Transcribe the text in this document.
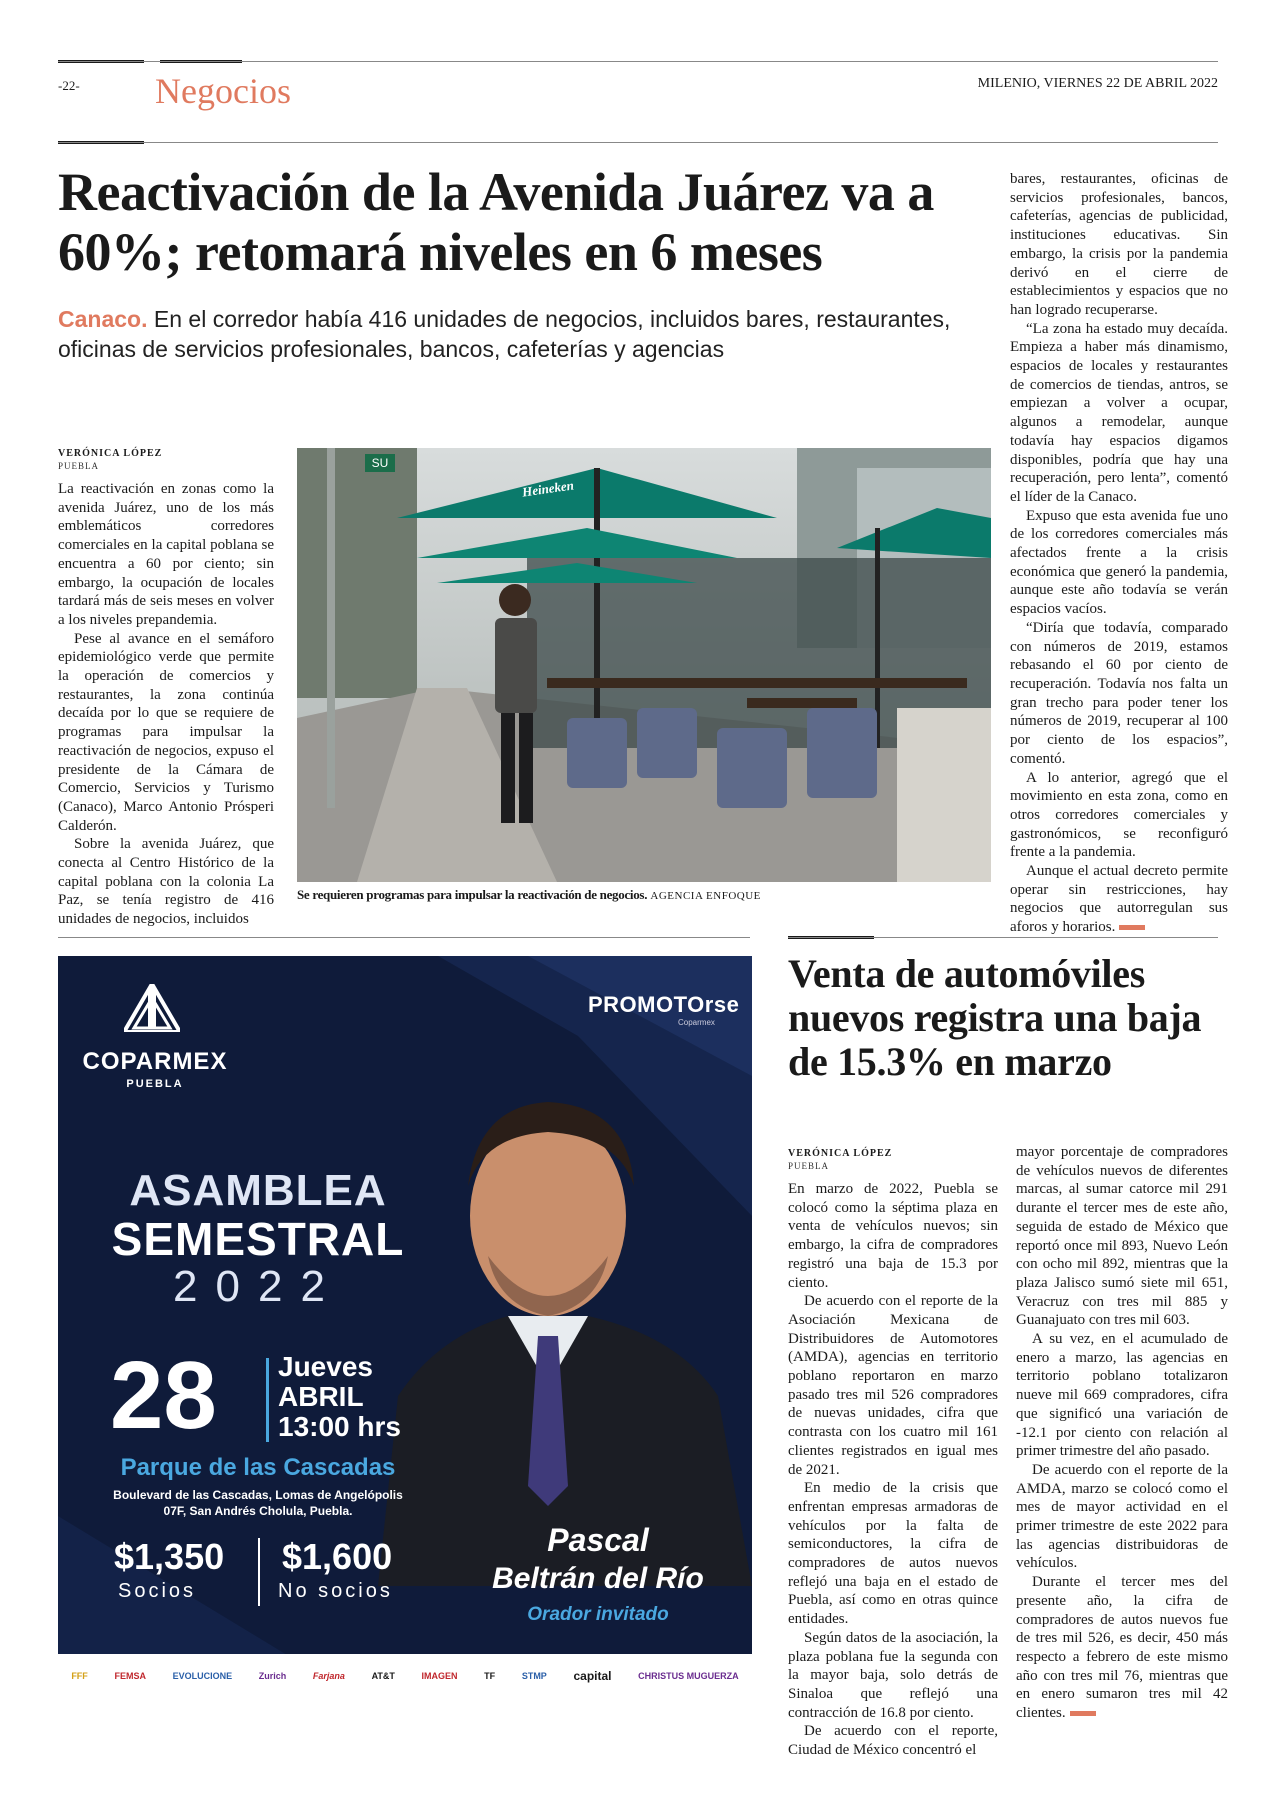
-22- Negocios	MILENIO, VIERNES 22 DE ABRIL 2022
Reactivación de la Avenida Juárez va a 60%; retomará niveles en 6 meses
Canaco. En el corredor había 416 unidades de negocios, incluidos bares, restaurantes, oficinas de servicios profesionales, bancos, cafeterías y agencias
VERÓNICA LÓPEZ
PUEBLA

La reactivación en zonas como la avenida Juárez, uno de los más emblemáticos corredores comerciales en la capital poblana se encuentra a 60 por ciento; sin embargo, la ocupación de locales tardará más de seis meses en volver a los niveles prepandemia.

Pese al avance en el semáforo epidemiológico verde que permite la operación de comercios y restaurantes, la zona continúa decaída por lo que se requiere de programas para impulsar la reactivación de negocios, expuso el presidente de la Cámara de Comercio, Servicios y Turismo (Canaco), Marco Antonio Prósperi Calderón.

Sobre la avenida Juárez, que conecta al Centro Histórico de la capital poblana con la colonia La Paz, se tenía registro de 416 unidades de negocios, incluidos

SU
Heineken
Se requieren programas para impulsar la reactivación de negocios. AGENCIA ENFOQUE

bares, restaurantes, oficinas de servicios profesionales, bancos, cafeterías, agencias de publicidad, instituciones educativas. Sin embargo, la crisis por la pandemia derivó en el cierre de establecimientos y espacios que no han logrado recuperarse.

“La zona ha estado muy decaída. Empieza a haber más dinamismo, espacios de locales y restaurantes de comercios de tiendas, antros, se empiezan a volver a ocupar, algunos a remodelar, aunque todavía hay espacios digamos disponibles, podría que hay una recuperación, pero lenta”, comentó el líder de la Canaco.

Expuso que esta avenida fue uno de los corredores comerciales más afectados frente a la crisis económica que generó la pandemia, aunque este año todavía se verán espacios vacíos.

“Diría que todavía, comparado con números de 2019, estamos rebasando el 60 por ciento de recuperación. Todavía nos falta un gran trecho para poder tener los números de 2019, recuperar al 100 por ciento de los espacios”, comentó.

A lo anterior, agregó que el movimiento en esta zona, como en otros corredores comerciales y gastronómicos, se reconfiguró frente a la pandemia.

Aunque el actual decreto permite operar sin restricciones, hay negocios que autorregulan sus aforos y horarios.

COPARMEX
PUEBLA
PROMOTOrse
Coparmex
ASAMBLEA
SEMESTRAL
2022
28 Jueves
ABRIL
13:00 hrs
Parque de las Cascadas
Boulevard de las Cascadas, Lomas de Angelópolis
07F, San Andrés Cholula, Puebla.
$1,350
Socios
$1,600
No socios
Pascal
Beltrán del Río
Orador invitado
FFF	FEMSA	EVOLUCIONE	Zurich	Farjana	AT&T	IMAGEN	TF	STMP capital	CHRISTUS MUGUERZA
Venta de automóviles nuevos registra una baja de 15.3% en marzo
VERÓNICA LÓPEZ
PUEBLA

En marzo de 2022, Puebla se colocó como la séptima plaza en venta de vehículos nuevos; sin embargo, la cifra de compradores registró una baja de 15.3 por ciento.

De acuerdo con el reporte de la Asociación Mexicana de Distribuidores de Automotores (AMDA), agencias en territorio poblano reportaron en marzo pasado tres mil 526 compradores de nuevas unidades, cifra que contrasta con los cuatro mil 161 clientes registrados en igual mes de 2021.

En medio de la crisis que enfrentan empresas armadoras de vehículos por la falta de semiconductores, la cifra de compradores de autos nuevos reflejó una baja en el estado de Puebla, así como en otras quince entidades.

Según datos de la asociación, la plaza poblana fue la segunda con la mayor baja, solo detrás de Sinaloa que reflejó una contracción de 16.8 por ciento.

De acuerdo con el reporte, Ciudad de México concentró el

mayor porcentaje de compradores de vehículos nuevos de diferentes marcas, al sumar catorce mil 291 durante el tercer mes de este año, seguida de estado de México que reportó once mil 893, Nuevo León con ocho mil 892, mientras que la plaza Jalisco sumó siete mil 651, Veracruz con tres mil 885 y Guanajuato con tres mil 603.

A su vez, en el acumulado de enero a marzo, las agencias en territorio poblano totalizaron nueve mil 669 compradores, cifra que significó una variación de -12.1 por ciento con relación al primer trimestre del año pasado.

De acuerdo con el reporte de la AMDA, marzo se colocó como el mes de mayor actividad en el primer trimestre de este 2022 para las agencias distribuidoras de vehículos.

Durante el tercer mes del presente año, la cifra de compradores de autos nuevos fue de tres mil 526, es decir, 450 más respecto a febrero de este mismo año con tres mil 76, mientras que en enero sumaron tres mil 42 clientes.
